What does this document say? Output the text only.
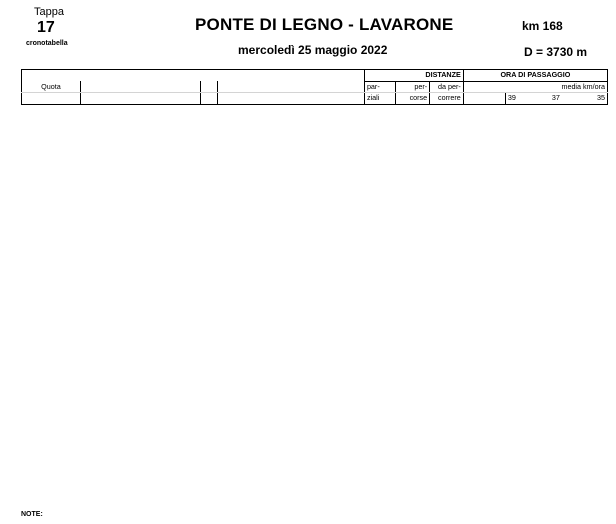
Tappa
17
cronotabella
PONTE DI LEGNO - LAVARONE	km 168
mercoledì 25 maggio 2022	D = 3730 m
				DISTANZE			ORA DI PASSAGGIO			
Quota				par-	per-	da per-	media km/ora			
				ziali	corse	correre		39	37	35
NOTE:
